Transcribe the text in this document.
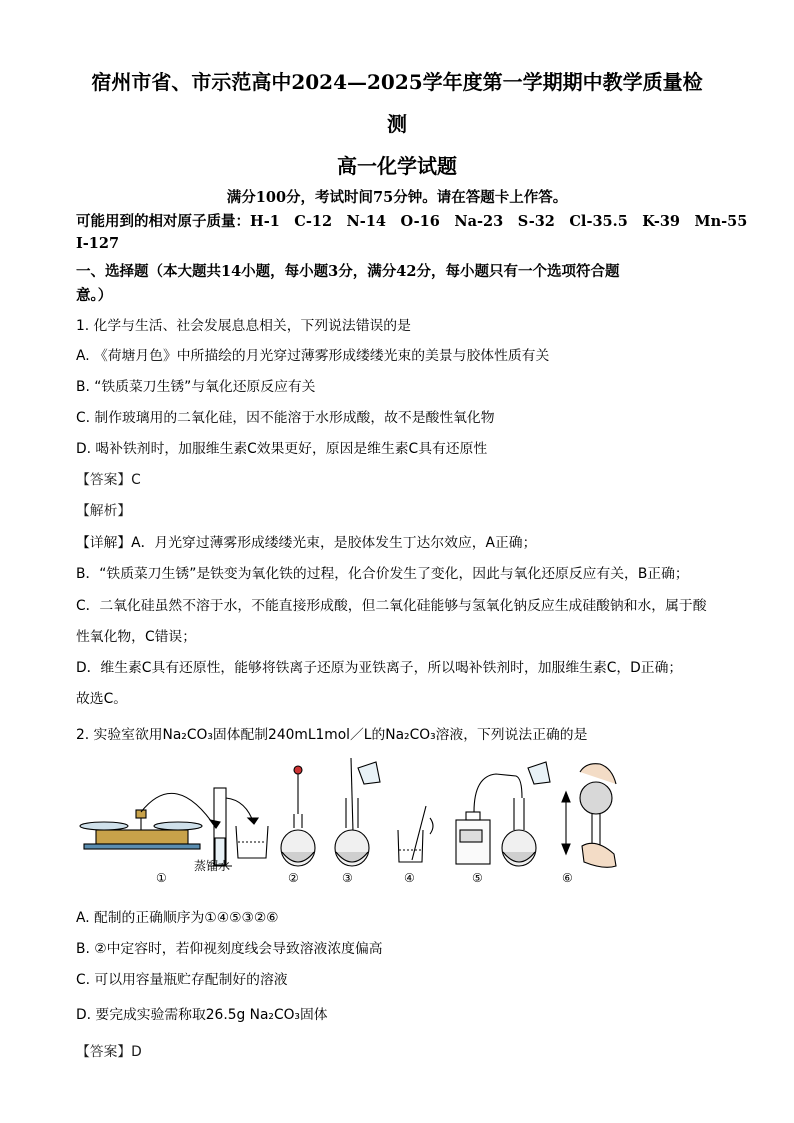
宿州市省、市示范高中2024—2025学年度第一学期期中教学质量检
测
高一化学试题
满分100分，考试时间75分钟。请在答题卡上作答。
可能用到的相对原子质量：H-1　C-12　N-14　O-16　Na-23　S-32　Cl-35.5　K-39　Mn-55
I-127
一、选择题（本大题共14小题，每小题3分，满分42分，每小题只有一个选项符合题
意。）
1. 化学与生活、社会发展息息相关，下列说法错误的是
A. 《荷塘月色》中所描绘的月光穿过薄雾形成缕缕光束的美景与胶体性质有关
B. “铁质菜刀生锈”与氧化还原反应有关
C. 制作玻璃用的二氧化硅，因不能溶于水形成酸，故不是酸性氧化物
D. 喝补铁剂时，加服维生素C效果更好，原因是维生素C具有还原性
【答案】C
【解析】
【详解】A．月光穿过薄雾形成缕缕光束，是胶体发生丁达尔效应，A正确；
B．“铁质菜刀生锈”是铁变为氧化铁的过程，化合价发生了变化，因此与氧化还原反应有关，B正确；
C．二氧化硅虽然不溶于水，不能直接形成酸，但二氧化硅能够与氢氧化钠反应生成硅酸钠和水，属于酸
性氧化物，C错误；
D．维生素C具有还原性，能够将铁离子还原为亚铁离子，所以喝补铁剂时，加服维生素C，D正确；
故选C。
2. 实验室欲用Na₂CO₃固体配制240mL1mol／L的Na₂CO₃溶液，下列说法正确的是
①	②	③	④	⑤	⑥
蒸馏水
A. 配制的正确顺序为①④⑤③②⑥
B. ②中定容时，若仰视刻度线会导致溶液浓度偏高
C. 可以用容量瓶贮存配制好的溶液
D. 要完成实验需称取26.5g Na₂CO₃固体
【答案】D
